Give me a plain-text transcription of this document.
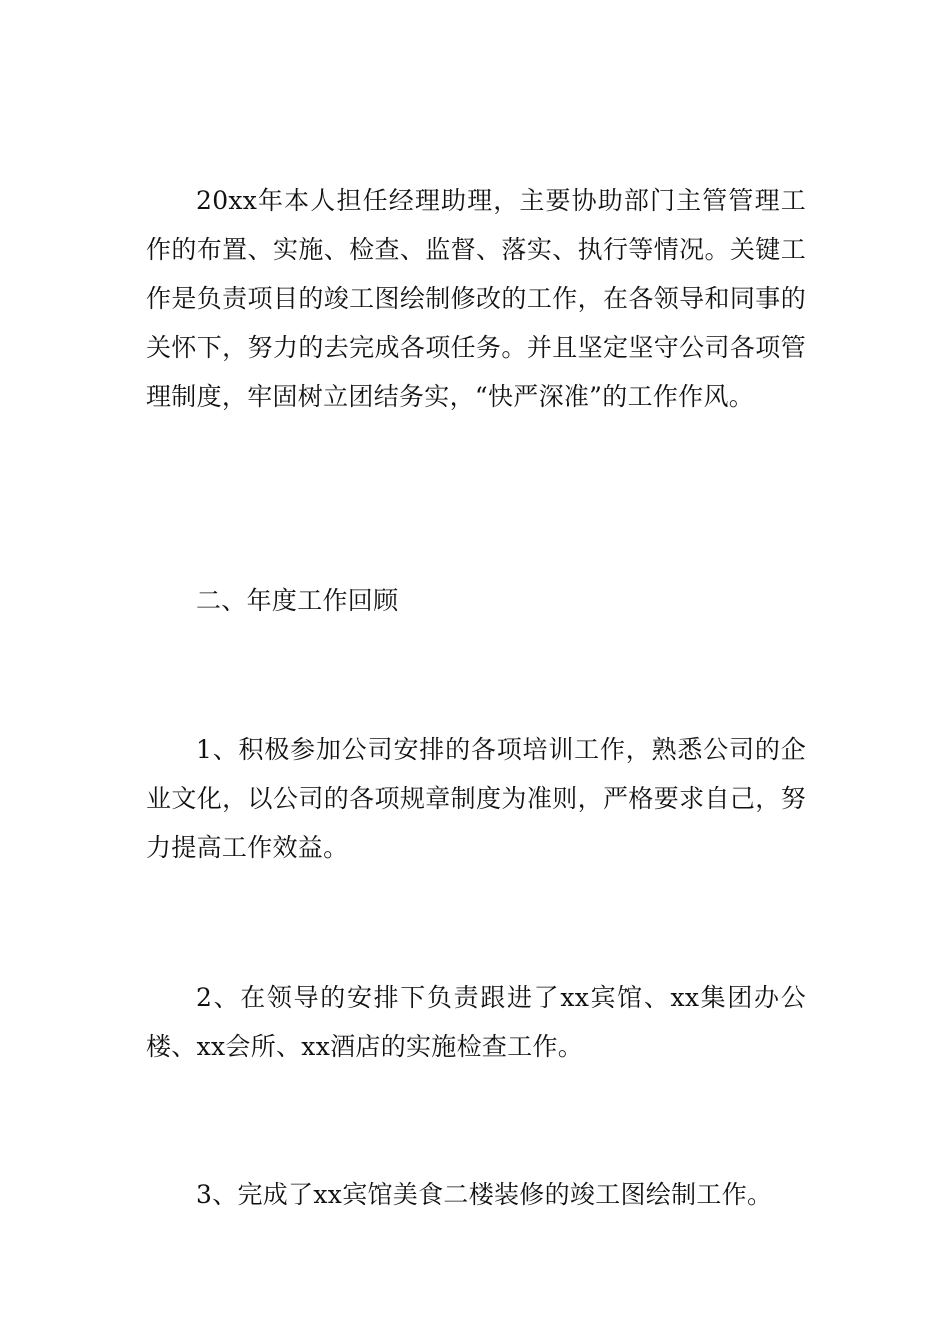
20xx年本人担任经理助理，主要协助部门主管管理工作的布置、实施、检查、监督、落实、执行等情况。关键工作是负责项目的竣工图绘制修改的工作，在各领导和同事的关怀下，努力的去完成各项任务。并且坚定坚守公司各项管理制度，牢固树立团结务实，“快严深准”的工作作风。

二、年度工作回顾

1、积极参加公司安排的各项培训工作，熟悉公司的企业文化，以公司的各项规章制度为准则，严格要求自己，努力提高工作效益。

2、在领导的安排下负责跟进了xx宾馆、xx集团办公楼、xx会所、xx酒店的实施检查工作。

3、完成了xx宾馆美食二楼装修的竣工图绘制工作。
